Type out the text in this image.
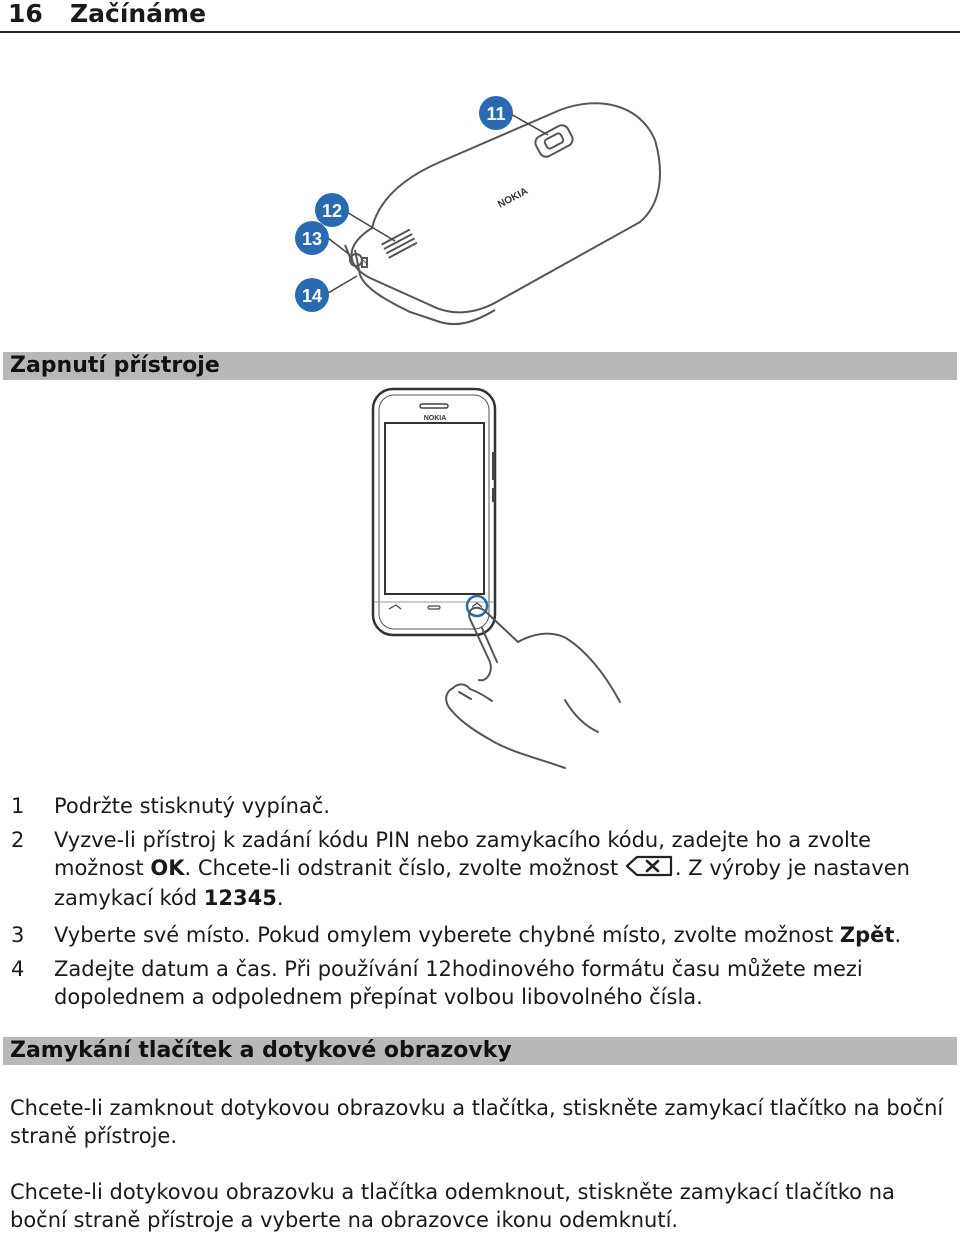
16 Začínáme
NOKIA
11
12
13
14
NOKIA
Zapnutí přístroje
1 Podržte stisknutý vypínač.
2 Vyzve-li přístroj k zadání kódu PIN nebo zamykacího kódu, zadejte ho a zvolte možnost OK. Chcete-li odstranit číslo, zvolte možnost . Z výroby je nastaven zamykací kód 12345.
3 Vyberte své místo. Pokud omylem vyberete chybné místo, zvolte možnost Zpět.
4 Zadejte datum a čas. Při používání 12hodinového formátu času můžete mezi dopolednem a odpolednem přepínat volbou libovolného čísla.
Zamykání tlačítek a dotykové obrazovky
Chcete-li zamknout dotykovou obrazovku a tlačítka, stiskněte zamykací tlačítko na boční straně přístroje.
Chcete-li dotykovou obrazovku a tlačítka odemknout, stiskněte zamykací tlačítko na boční straně přístroje a vyberte na obrazovce ikonu odemknutí.
